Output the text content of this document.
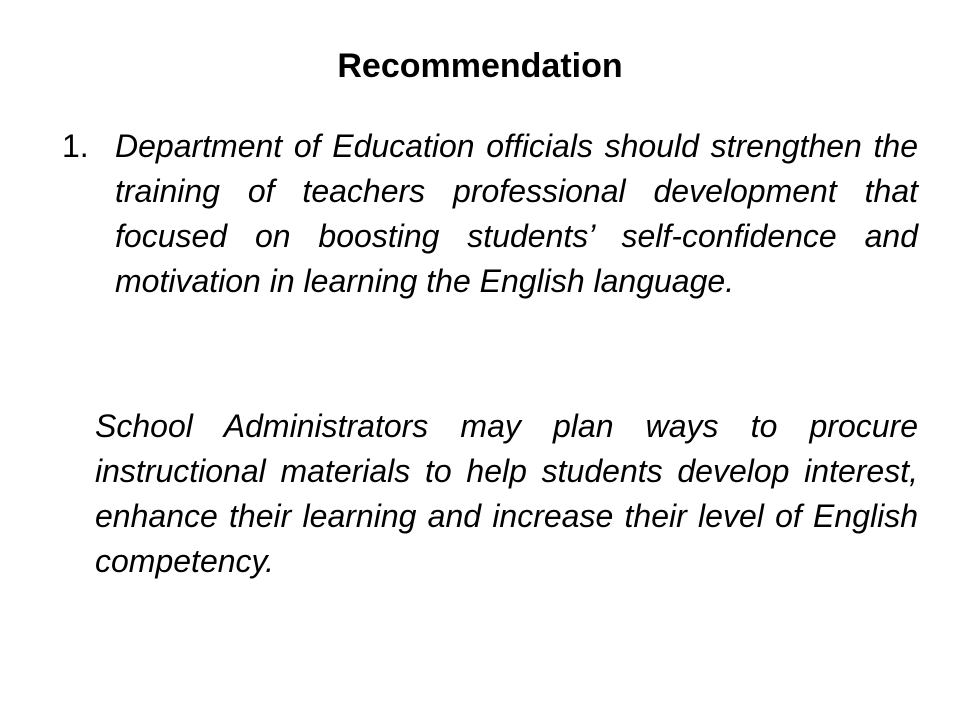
Recommendation
1. Department of Education officials should strengthen the training of teachers professional development that focused on boosting students’ self-confidence and motivation in learning the English language.

School Administrators may plan ways to procure instructional materials to help students develop interest, enhance their learning and increase their level of English competency.
